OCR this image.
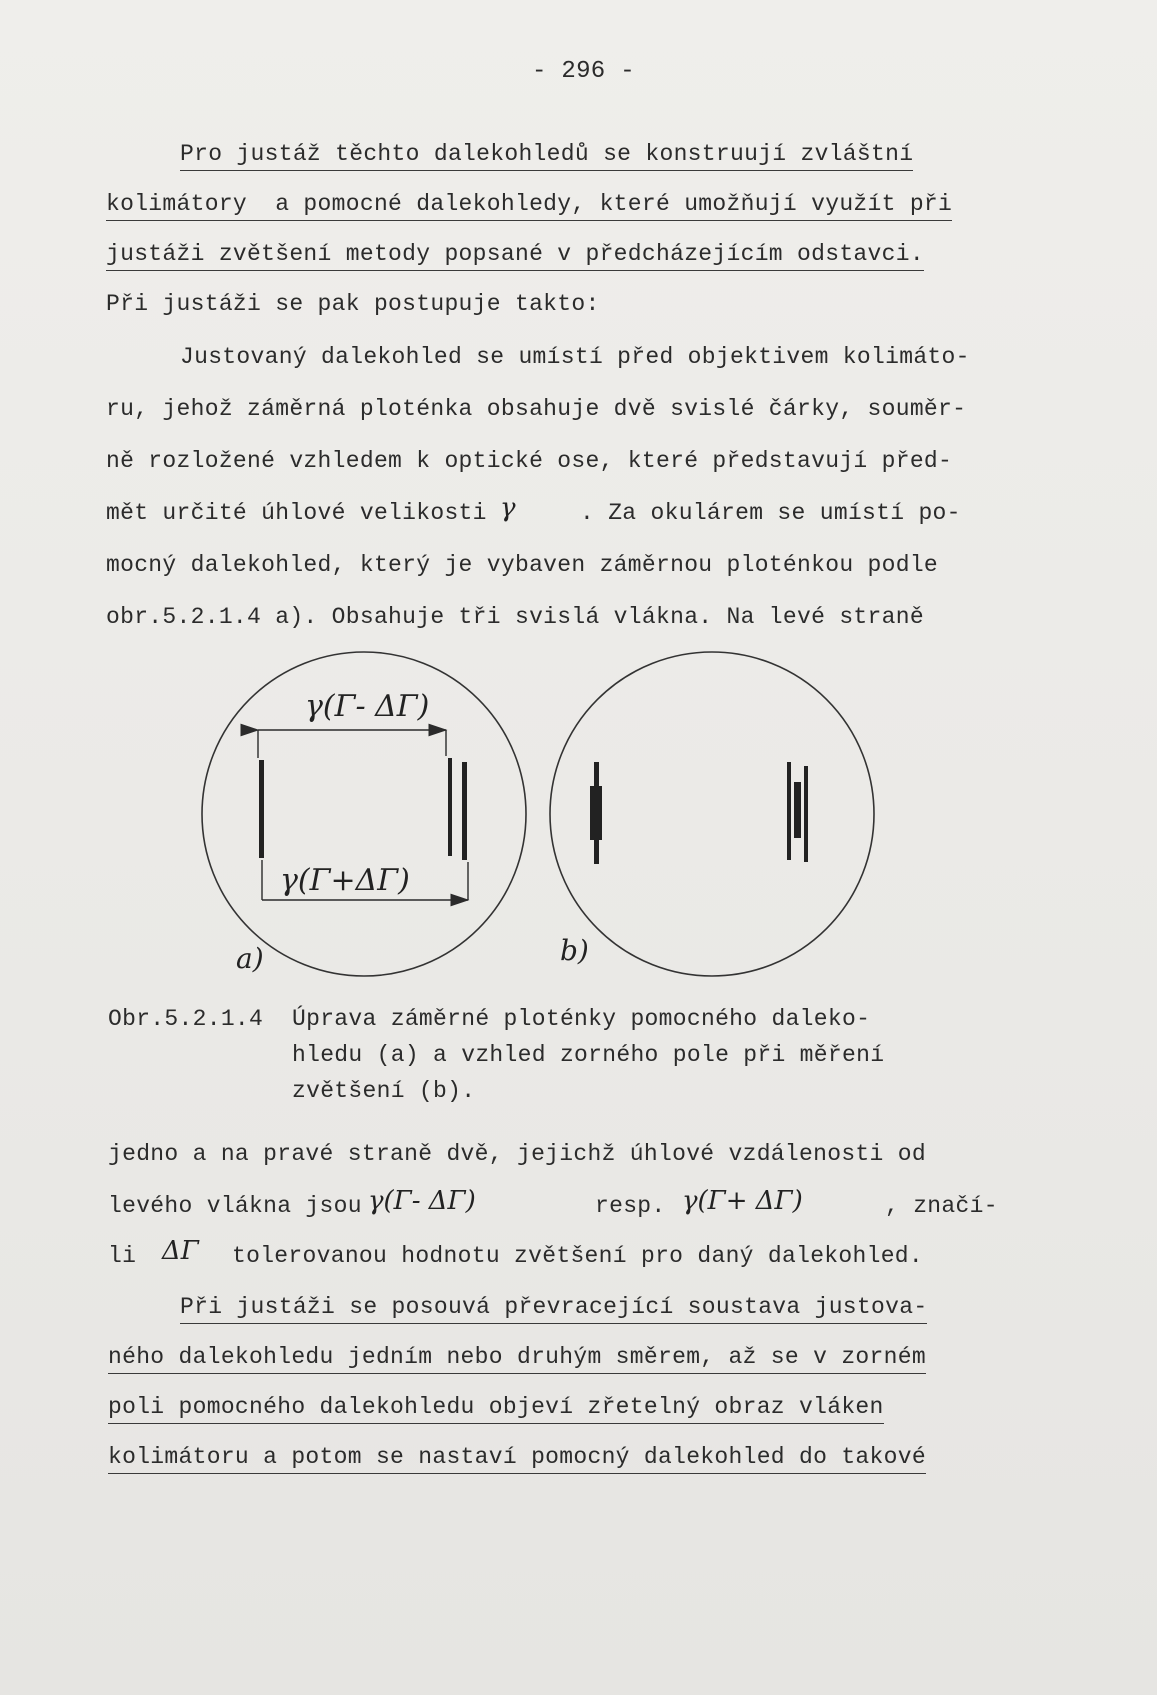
- 296 -
Pro justáž těchto dalekohledů se konstruují zvláštní
kolimátory  a pomocné dalekohledy, které umožňují využít při
justáži zvětšení metody popsané v předcházejícím odstavci.
Při justáži se pak postupuje takto:
Justovaný dalekohled se umístí před objektivem kolimáto-
ru, jehož záměrná ploténka obsahuje dvě svislé čárky, souměr-
ně rozložené vzhledem k optické ose, které představují před-
mět určité úhlové velikosti γ	. Za okulárem se umístí po-
mocný dalekohled, který je vybaven záměrnou ploténkou podle
obr.5.2.1.4 a). Obsahuje tři svislá vlákna. Na levé straně
γ(Γ- ΔΓ)
γ(Γ+ΔΓ)
a)	b)
Obr.5.2.1.4 Úprava záměrné ploténky pomocného daleko-
hledu (a) a vzhled zorného pole při měření
zvětšení (b).
jedno a na pravé straně dvě, jejichž úhlové vzdálenosti od
levého vlákna jsou γ(Γ- ΔΓ)	resp. γ(Γ+ ΔΓ)	, značí-
li ΔΓ tolerovanou hodnotu zvětšení pro daný dalekohled.
Při justáži se posouvá převracející soustava justova-
ného dalekohledu jedním nebo druhým směrem, až se v zorném
poli pomocného dalekohledu objeví zřetelný obraz vláken
kolimátoru a potom se nastaví pomocný dalekohled do takové
